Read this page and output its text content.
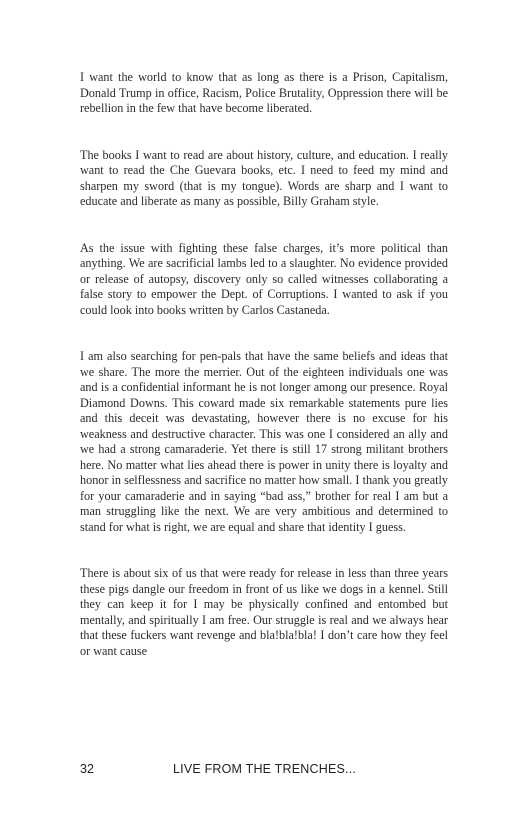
I want the world to know that as long as there is a Prison, Capitalism, Donald Trump in office, Racism, Police Brutality, Oppression there will be rebellion in the few that have become liberated.

The books I want to read are about history, culture, and education. I really want to read the Che Guevara books, etc. I need to feed my mind and sharpen my sword (that is my tongue). Words are sharp and I want to educate and liberate as many as possible, Billy Graham style.

As the issue with fighting these false charges, it’s more political than anything. We are sacrificial lambs led to a slaughter. No evidence provided or release of autopsy, discovery only so called witnesses collaborating a false story to empower the Dept. of Corruptions. I wanted to ask if you could look into books written by Carlos Castaneda.

I am also searching for pen-pals that have the same beliefs and ideas that we share. The more the merrier. Out of the eighteen individuals one was and is a confidential informant he is not longer among our presence. Royal Diamond Downs. This coward made six remarkable statements pure lies and this deceit was devastating, however there is no excuse for his weakness and destructive character. This was one I considered an ally and we had a strong camaraderie. Yet there is still 17 strong militant brothers here. No matter what lies ahead there is power in unity there is loyalty and honor in selflessness and sacrifice no matter how small. I thank you greatly for your camaraderie and in saying “bad ass,” brother for real I am but a man struggling like the next. We are very ambitious and determined to stand for what is right, we are equal and share that identity I guess.

There is about six of us that were ready for release in less than three years these pigs dangle our freedom in front of us like we dogs in a kennel. Still they can keep it for I may be physically confined and entombed but mentally, and spiritually I am free. Our struggle is real and we always hear that these fuckers want revenge and bla!bla!bla! I don’t care how they feel or want cause

32	LIVE FROM THE TRENCHES...
